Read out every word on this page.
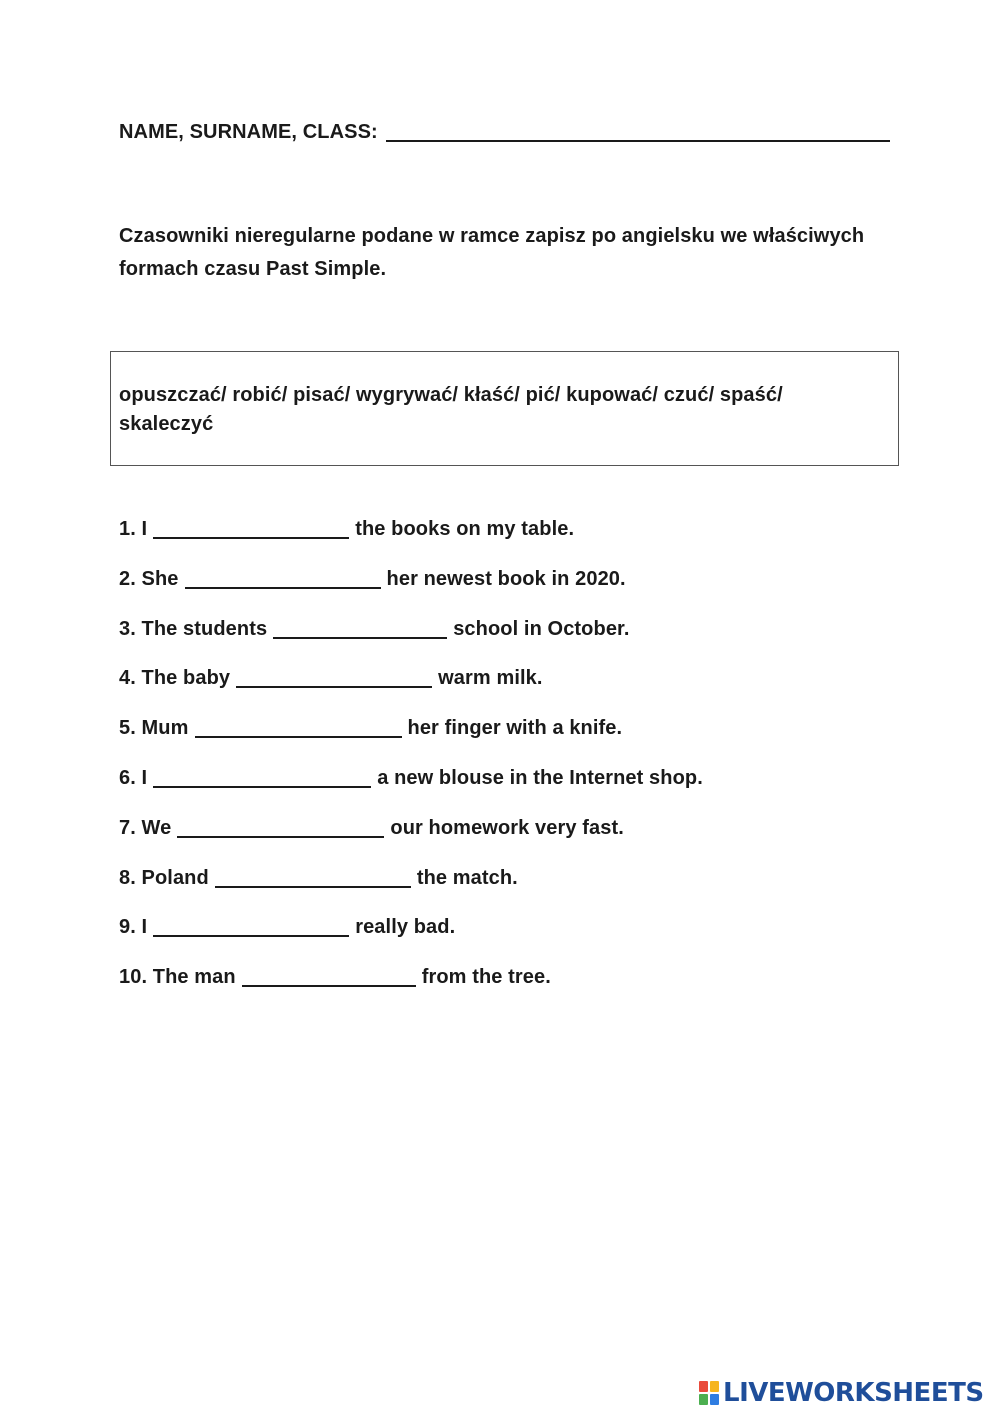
NAME, SURNAME, CLASS:
Czasowniki nieregularne podane w ramce zapisz po angielsku we właściwych formach czasu Past Simple.
opuszczać/ robić/ pisać/ wygrywać/ kłaść/ pić/ kupować/ czuć/ spaść/
skaleczyć
1. I	the books on my table.
2. She	her newest book in 2020.
3. The students	school in October.
4. The baby	warm milk.
5. Mum	her finger with a knife.
6. I	a new blouse in the Internet shop.
7. We	our homework very fast.
8. Poland	the match.
9. I	really bad.
10. The man	from the tree.
LIVEWORKSHEETS
